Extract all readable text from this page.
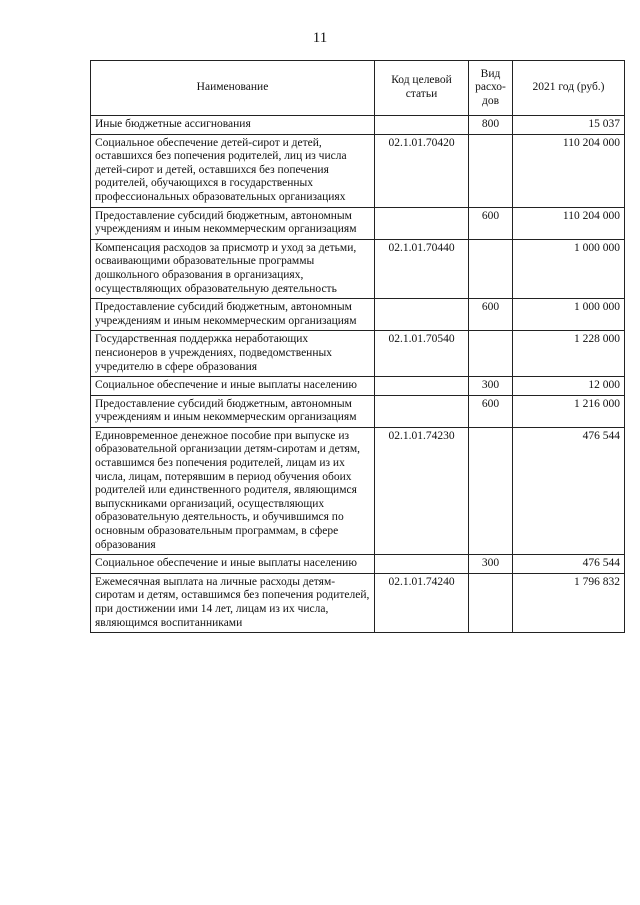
11
Наименование	Код целевой статьи	Вид расхо-дов	2021 год (руб.)
Иные бюджетные ассигнования		800	15 037
Социальное обеспечение детей-сирот и детей, оставшихся без попечения родителей, лиц из числа детей-сирот и детей, оставшихся без попечения родителей, обучающихся в государственных профессиональных образовательных организациях	02.1.01.70420		110 204 000
Предоставление субсидий бюджетным, автономным учреждениям и иным некоммерческим организациям		600	110 204 000
Компенсация расходов за присмотр и уход за детьми, осваивающими образовательные программы дошкольного образования в организациях, осуществляющих образовательную деятельность	02.1.01.70440		1 000 000
Предоставление субсидий бюджетным, автономным учреждениям и иным некоммерческим организациям		600	1 000 000
Государственная поддержка неработающих пенсионеров в учреждениях, подведомственных учредителю в сфере образования	02.1.01.70540		1 228 000
Социальное обеспечение и иные выплаты населению		300	12 000
Предоставление субсидий бюджетным, автономным учреждениям и иным некоммерческим организациям		600	1 216 000
Единовременное денежное пособие при выпуске из образовательной организации детям-сиротам и детям, оставшимся без попечения родителей, лицам из их числа, лицам, потерявшим в период обучения обоих родителей или единственного родителя, являющимся выпускниками организаций, осуществляющих образовательную деятельность, и обучившимся по основным образовательным программам, в сфере образования	02.1.01.74230		476 544
Социальное обеспечение и иные выплаты населению		300	476 544
Ежемесячная выплата на личные расходы детям-сиротам и детям, оставшимся без попечения родителей, при достижении ими 14 лет, лицам из их числа, являющимся воспитанниками	02.1.01.74240		1 796 832
